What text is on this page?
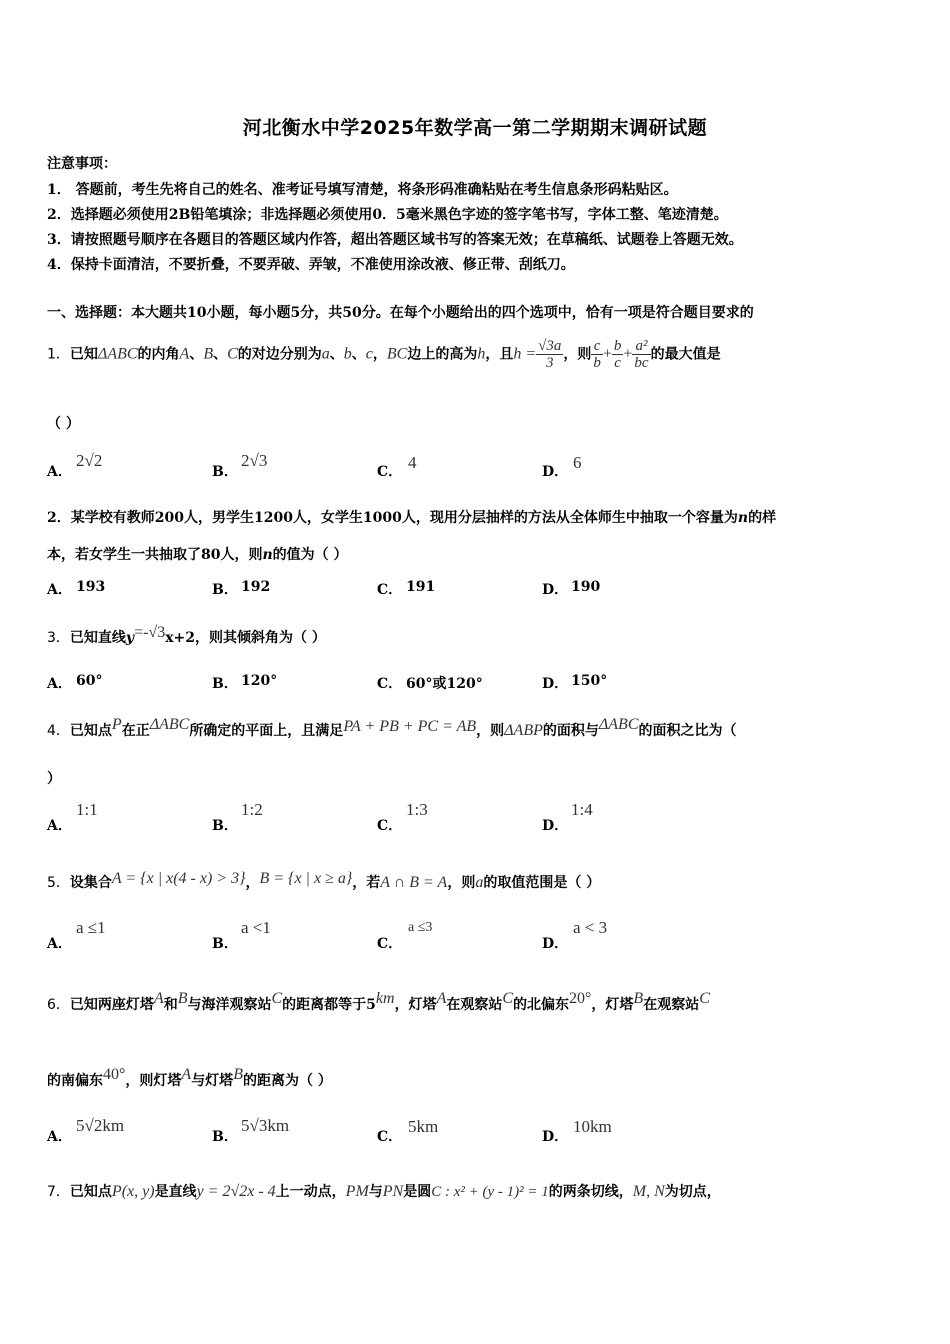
河北衡水中学2025年数学高一第二学期期末调研试题
注意事项：
1． 答题前，考生先将自己的姓名、准考证号填写清楚，将条形码准确粘贴在考生信息条形码粘贴区。
2．选择题必须使用2B铅笔填涂；非选择题必须使用0．5毫米黑色字迹的签字笔书写，字体工整、笔迹清楚。
3．请按照题号顺序在各题目的答题区域内作答，超出答题区域书写的答案无效；在草稿纸、试题卷上答题无效。
4．保持卡面清洁，不要折叠，不要弄破、弄皱，不准使用涂改液、修正带、刮纸刀。
一、选择题：本大题共10小题，每小题5分，共50分。在每个小题给出的四个选项中，恰有一项是符合题目要求的
1．已知ΔABC的内角A、B、C的对边分别为a、b、c，BC边上的高为h，且$h = \frac{√3a}{3}$ ，则 $\frac{c}{b} + \frac{b}{c} + \frac{\text{a²}}{bc}$ 的最大值是
（ ）
A．
2√2
B．
2√3
C． 4	D． 6
2．某学校有教师200人，男学生1200人，女学生1000人，现用分层抽样的方法从全体师生中抽取一个容量为n的样
本，若女学生一共抽取了80人，则n的值为（ ）
A． 193	B． 192	C． 191	D． 190
3．已知直线y=-√3x+2，则其倾斜角为（ ）
A． 60°	B． 120°	C． 60°或120°	D． 150°
4．已知点P在正ΔABC所确定的平面上，且满足PA + PB + PC = AB，则ΔABP的面积与ΔABC的面积之比为（
）
A．
1:1
B．
1:2
C．
1:3
D．
1:4
5．设集合A = {x | x(4 - x) > 3}，B = {x | x ≥ a}，若A ∩ B = A，则a的取值范围是（ ）
A．
a ≤1
B．
a <1
C．
a ≤3
D．
a < 3
6．已知两座灯塔A和B与海洋观察站C的距离都等于5km，灯塔A在观察站C的北偏东20°，灯塔B在观察站C
的南偏东40°，则灯塔A与灯塔B的距离为（ ）
A．
5√2km
B．
5√3km
C．
5km
D．
10km
7．已知点P(x, y)是直线y = 2√2x - 4上一动点，PM与PN是圆C : x² + (y - 1)² = 1的两条切线，M, N为切点，
